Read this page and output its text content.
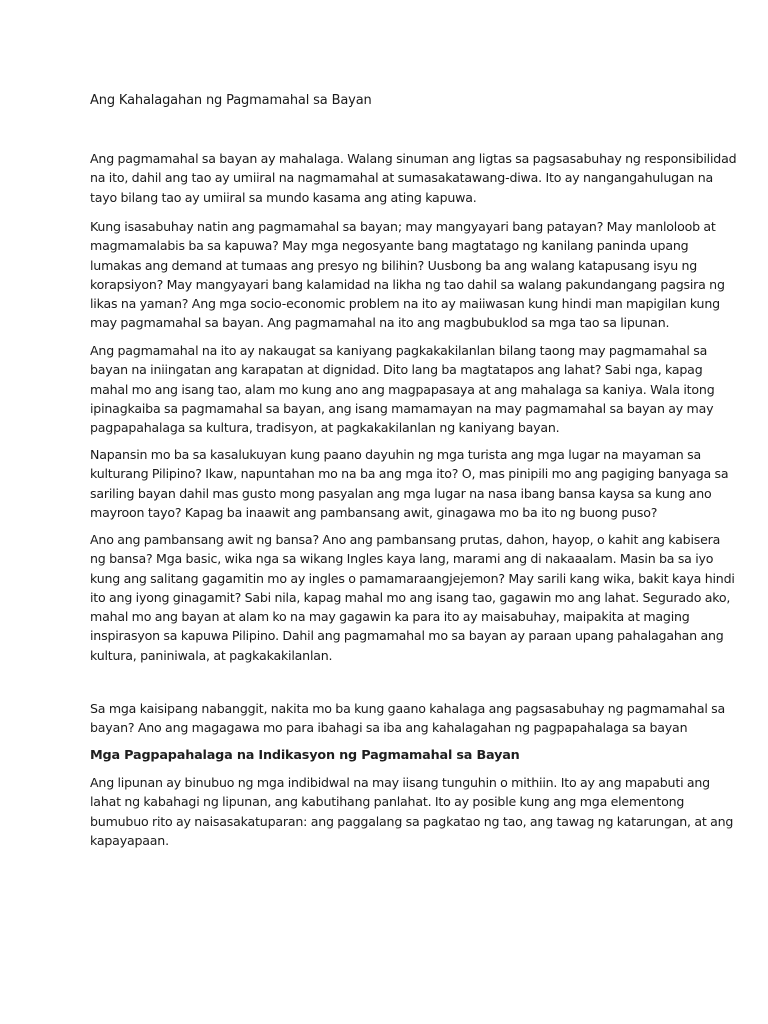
Ang Kahalagahan ng Pagmamahal sa Bayan

Ang pagmamahal sa bayan ay mahalaga. Walang sinuman ang ligtas sa pagsasabuhay ng responsibilidad
na ito, dahil ang tao ay umiiral na nagmamahal at sumasakatawang-diwa. Ito ay nangangahulugan na
tayo bilang tao ay umiiral sa mundo kasama ang ating kapuwa.

Kung isasabuhay natin ang pagmamahal sa bayan; may mangyayari bang patayan? May manloloob at
magmamalabis ba sa kapuwa? May mga negosyante bang magtatago ng kanilang paninda upang
lumakas ang demand at tumaas ang presyo ng bilihin? Uusbong ba ang walang katapusang isyu ng
korapsiyon? May mangyayari bang kalamidad na likha ng tao dahil sa walang pakundangang pagsira ng
likas na yaman? Ang mga socio-economic problem na ito ay maiiwasan kung hindi man mapigilan kung
may pagmamahal sa bayan. Ang pagmamahal na ito ang magbubuklod sa mga tao sa lipunan.

Ang pagmamahal na ito ay nakaugat sa kaniyang pagkakakilanlan bilang taong may pagmamahal sa
bayan na iniingatan ang karapatan at dignidad. Dito lang ba magtatapos ang lahat? Sabi nga, kapag
mahal mo ang isang tao, alam mo kung ano ang magpapasaya at ang mahalaga sa kaniya. Wala itong
ipinagkaiba sa pagmamahal sa bayan, ang isang mamamayan na may pagmamahal sa bayan ay may
pagpapahalaga sa kultura, tradisyon, at pagkakakilanlan ng kaniyang bayan.

Napansin mo ba sa kasalukuyan kung paano dayuhin ng mga turista ang mga lugar na mayaman sa
kulturang Pilipino? Ikaw, napuntahan mo na ba ang mga ito? O, mas pinipili mo ang pagiging banyaga sa
sariling bayan dahil mas gusto mong pasyalan ang mga lugar na nasa ibang bansa kaysa sa kung ano
mayroon tayo? Kapag ba inaawit ang pambansang awit, ginagawa mo ba ito ng buong puso?

Ano ang pambansang awit ng bansa? Ano ang pambansang prutas, dahon, hayop, o kahit ang kabisera
ng bansa? Mga basic, wika nga sa wikang Ingles kaya lang, marami ang di nakaaalam. Masin ba sa iyo
kung ang salitang gagamitin mo ay ingles o pamamaraangjejemon? May sarili kang wika, bakit kaya hindi
ito ang iyong ginagamit? Sabi nila, kapag mahal mo ang isang tao, gagawin mo ang lahat. Segurado ako,
mahal mo ang bayan at alam ko na may gagawin ka para ito ay maisabuhay, maipakita at maging
inspirasyon sa kapuwa Pilipino. Dahil ang pagmamahal mo sa bayan ay paraan upang pahalagahan ang
kultura, paniniwala, at pagkakakilanlan.

Sa mga kaisipang nabanggit, nakita mo ba kung gaano kahalaga ang pagsasabuhay ng pagmamahal sa
bayan? Ano ang magagawa mo para ibahagi sa iba ang kahalagahan ng pagpapahalaga sa bayan

Mga Pagpapahalaga na Indikasyon ng Pagmamahal sa Bayan

Ang lipunan ay binubuo ng mga indibidwal na may iisang tunguhin o mithiin. Ito ay ang mapabuti ang
lahat ng kabahagi ng lipunan, ang kabutihang panlahat. Ito ay posible kung ang mga elementong
bumubuo rito ay naisasakatuparan: ang paggalang sa pagkatao ng tao, ang tawag ng katarungan, at ang
kapayapaan.
